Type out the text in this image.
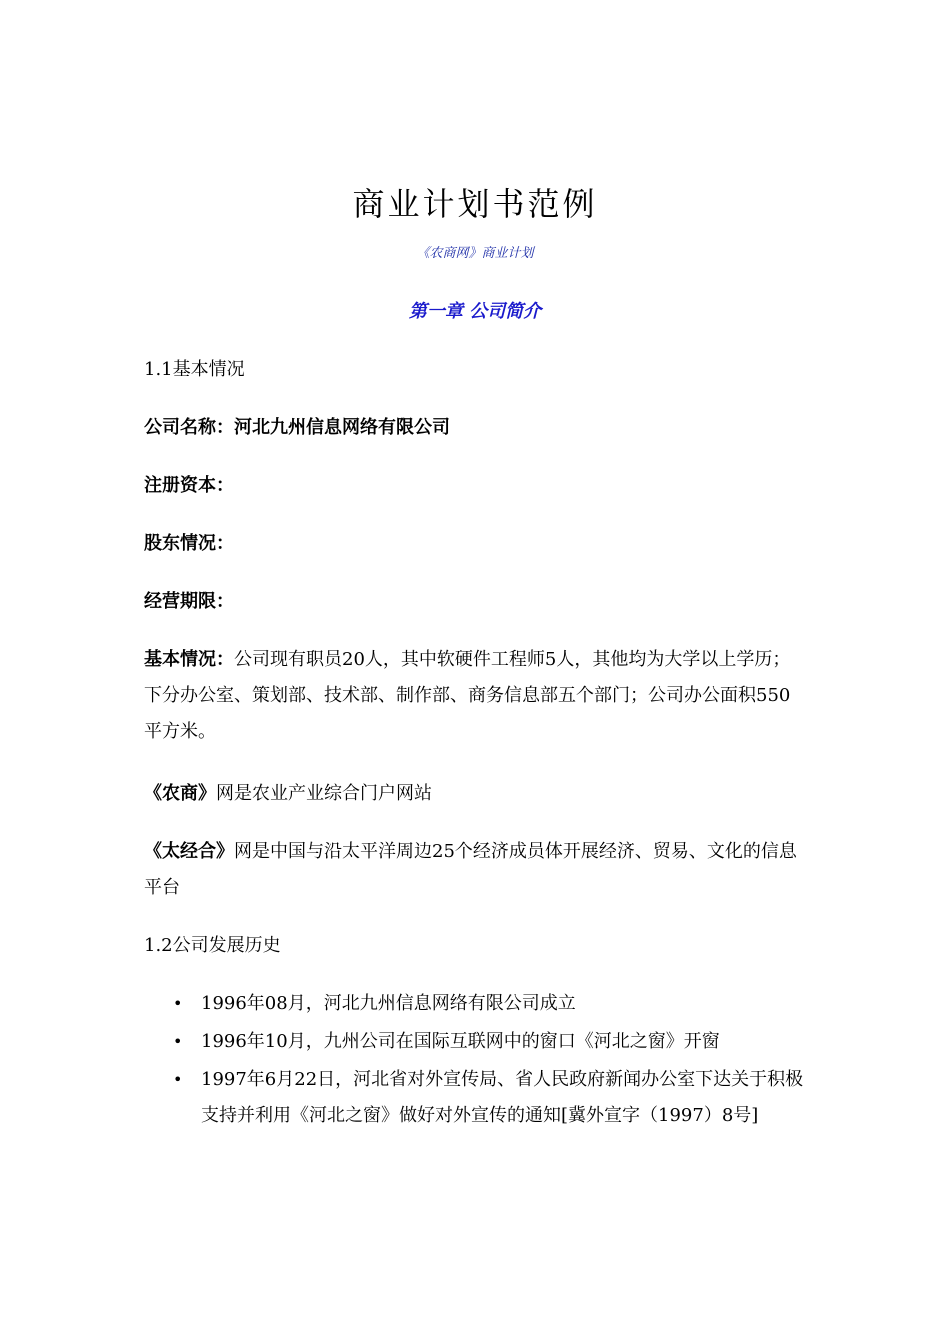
商业计划书范例
《农商网》商业计划
第一章 公司简介
1.1基本情况
公司名称：河北九州信息网络有限公司
注册资本：
股东情况：
经营期限：
基本情况：公司现有职员20人，其中软硬件工程师5人，其他均为大学以上学历；下分办公室、策划部、技术部、制作部、商务信息部五个部门；公司办公面积550平方米。
《农商》网是农业产业综合门户网站
《太经合》网是中国与沿太平洋周边25个经济成员体开展经济、贸易、文化的信息平台
1.2公司发展历史
• 1996年08月，河北九州信息网络有限公司成立
• 1996年10月，九州公司在国际互联网中的窗口《河北之窗》开窗
• 1997年6月22日，河北省对外宣传局、省人民政府新闻办公室下达关于积极支持并利用《河北之窗》做好对外宣传的通知[冀外宣字（1997）8号]
